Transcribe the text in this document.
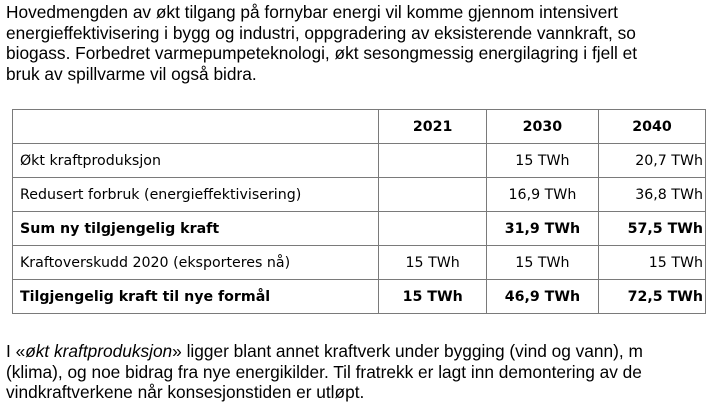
Hovedmengden av økt tilgang på fornybar energi vil komme gjennom intensivert
energieffektivisering i bygg og industri, oppgradering av eksisterende vannkraft, so
biogass. Forbedret varmepumpeteknologi, økt sesongmessig energilagring i fjell et
bruk av spillvarme vil også bidra.

	2021	2030	2040
Økt kraftproduksjon		15 TWh	20,7 TWh
Redusert forbruk (energieffektivisering)		16,9 TWh	36,8 TWh
Sum ny tilgjengelig kraft		31,9 TWh	57,5 TWh
Kraftoverskudd 2020 (eksporteres nå)	15 TWh	15 TWh	15 TWh
Tilgjengelig kraft til nye formål	15 TWh	46,9 TWh	72,5 TWh

I «økt kraftproduksjon» ligger blant annet kraftverk under bygging (vind og vann), m
(klima), og noe bidrag fra nye energikilder. Til fratrekk er lagt inn demontering av de
vindkraftverkene når konsesjonstiden er utløpt.
